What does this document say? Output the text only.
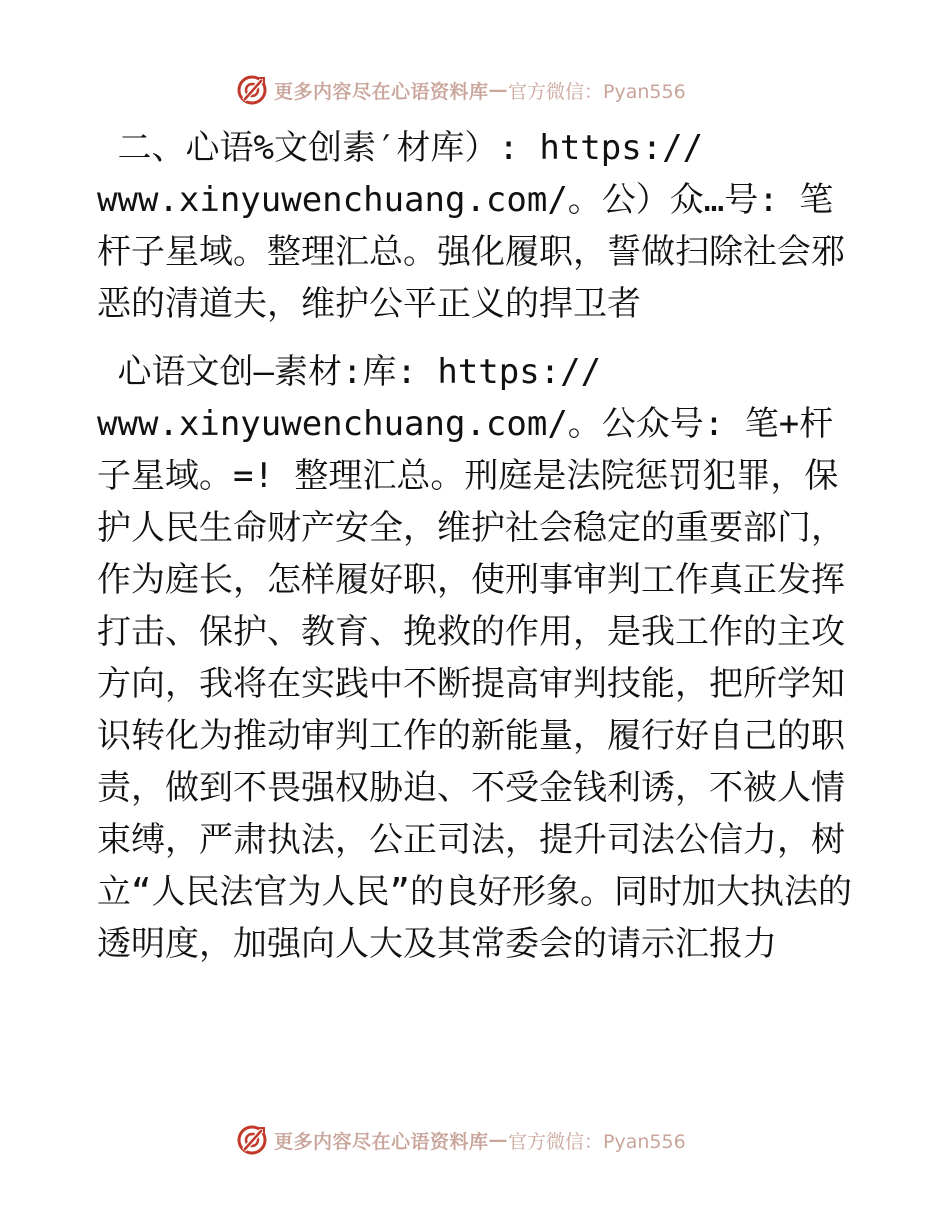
更多内容尽在心语资料库 — 官方微信：Pyan556

二、心语%文创素′材库）: https://
www.xinyuwenchuang.com/。公）众…号: 笔杆子星域。整理汇总。强化履职，誓做扫除社会邪恶的清道夫，维护公平正义的捍卫者

心语文创—素材:库: https://
www.xinyuwenchuang.com/。公众号: 笔+杆子星域。=! 整理汇总。刑庭是法院惩罚犯罪，保护人民生命财产安全，维护社会稳定的重要部门，作为庭长，怎样履好职，使刑事审判工作真正发挥打击、保护、教育、挽救的作用，是我工作的主攻方向，我将在实践中不断提高审判技能，把所学知识转化为推动审判工作的新能量，履行好自己的职责，做到不畏强权胁迫、不受金钱利诱，不被人情束缚，严肃执法，公正司法，提升司法公信力，树立“人民法官为人民”的良好形象。同时加大执法的透明度，加强向人大及其常委会的请示汇报力

更多内容尽在心语资料库 — 官方微信：Pyan556
